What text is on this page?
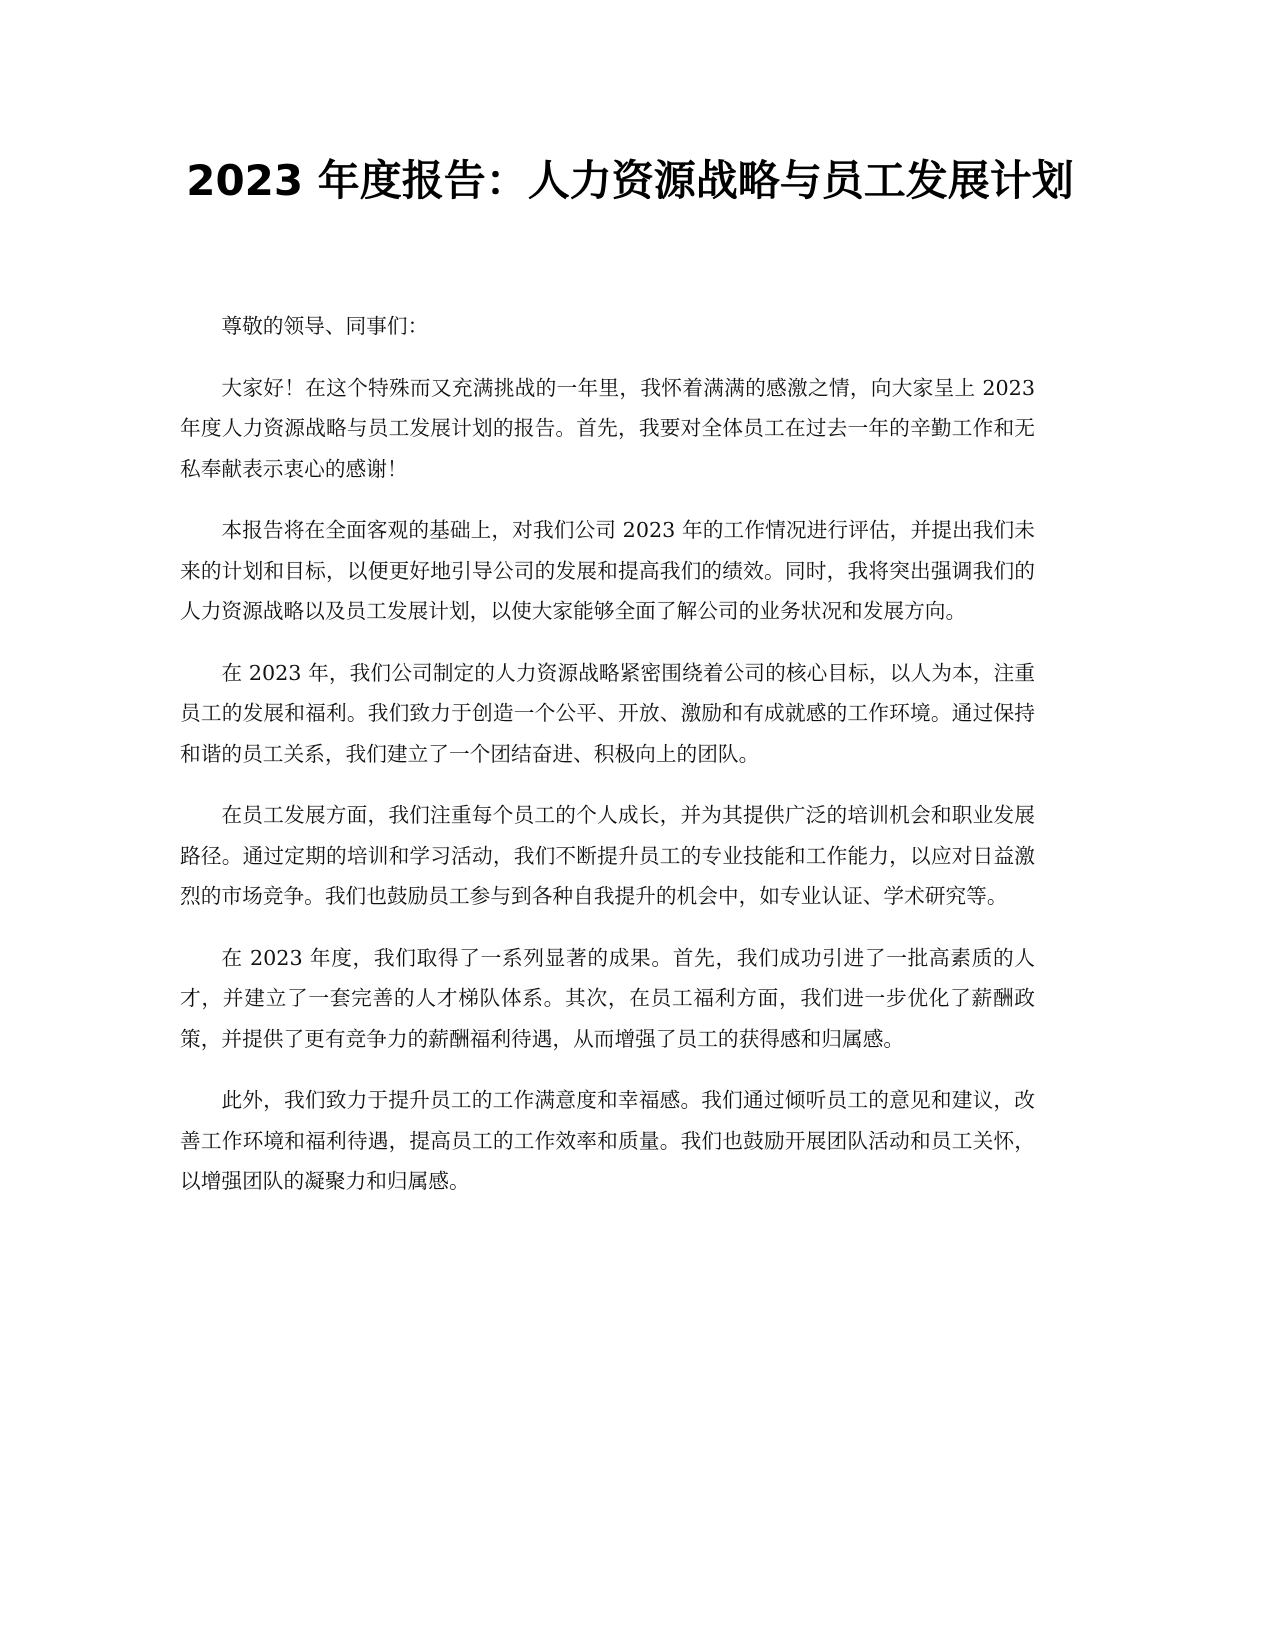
2023 年度报告：人力资源战略与员工发展计划

尊敬的领导、同事们：

大家好！在这个特殊而又充满挑战的一年里，我怀着满满的感激之情，向大家呈上 2023 年度人力资源战略与员工发展计划的报告。首先，我要对全体员工在过去一年的辛勤工作和无私奉献表示衷心的感谢！

本报告将在全面客观的基础上，对我们公司 2023 年的工作情况进行评估，并提出我们未来的计划和目标，以便更好地引导公司的发展和提高我们的绩效。同时，我将突出强调我们的人力资源战略以及员工发展计划，以使大家能够全面了解公司的业务状况和发展方向。

在 2023 年，我们公司制定的人力资源战略紧密围绕着公司的核心目标，以人为本，注重员工的发展和福利。我们致力于创造一个公平、开放、激励和有成就感的工作环境。通过保持和谐的员工关系，我们建立了一个团结奋进、积极向上的团队。

在员工发展方面，我们注重每个员工的个人成长，并为其提供广泛的培训机会和职业发展路径。通过定期的培训和学习活动，我们不断提升员工的专业技能和工作能力，以应对日益激烈的市场竞争。我们也鼓励员工参与到各种自我提升的机会中，如专业认证、学术研究等。

在 2023 年度，我们取得了一系列显著的成果。首先，我们成功引进了一批高素质的人才，并建立了一套完善的人才梯队体系。其次，在员工福利方面，我们进一步优化了薪酬政策，并提供了更有竞争力的薪酬福利待遇，从而增强了员工的获得感和归属感。

此外，我们致力于提升员工的工作满意度和幸福感。我们通过倾听员工的意见和建议，改善工作环境和福利待遇，提高员工的工作效率和质量。我们也鼓励开展团队活动和员工关怀，以增强团队的凝聚力和归属感。
